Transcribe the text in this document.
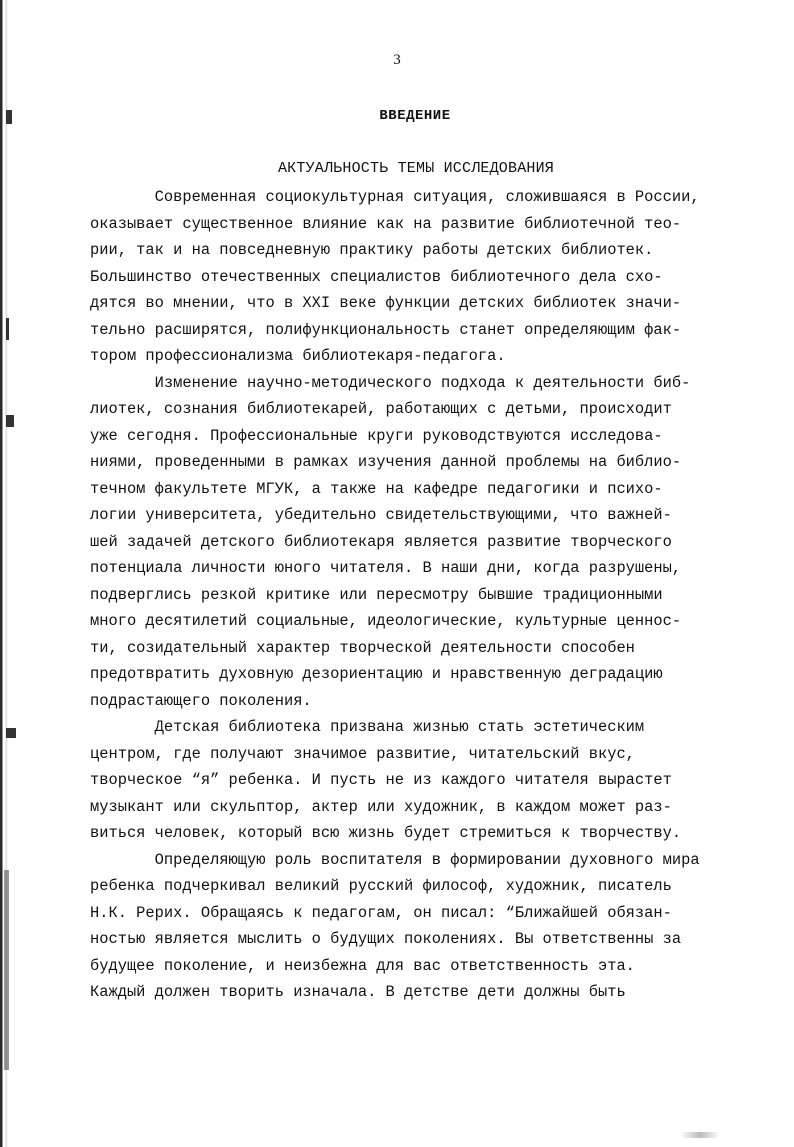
3
ВВЕДЕНИЕ
АКТУАЛЬНОСТЬ ТЕМЫ ИССЛЕДОВАНИЯ

Современная социокультурная ситуация, сложившаяся в России,

оказывает существенное влияние как на развитие библиотечной тео-

рии, так и на повседневную практику работы детских библиотек.

Большинство отечественных специалистов библиотечного дела схо-

дятся во мнении, что в XXI веке функции детских библиотек значи-

тельно расширятся, полифункциональность станет определяющим фак-

тором профессионализма библиотекаря-педагога.

Изменение научно-методического подхода к деятельности биб-

лиотек, сознания библиотекарей, работающих с детьми, происходит

уже сегодня. Профессиональные круги руководствуются исследова-

ниями, проведенными в рамках изучения данной проблемы на библио-

течном факультете МГУК, а также на кафедре педагогики и психо-

логии университета, убедительно свидетельствующими, что важней-

шей задачей детского библиотекаря является развитие творческого

потенциала личности юного читателя. В наши дни, когда разрушены,

подверглись резкой критике или пересмотру бывшие традиционными

много десятилетий социальные, идеологические, культурные ценнос-

ти, созидательный характер творческой деятельности способен

предотвратить духовную дезориентацию и нравственную деградацию

подрастающего поколения.

Детская библиотека призвана жизнью стать эстетическим

центром, где получают значимое развитие, читательский вкус,

творческое “я” ребенка. И пусть не из каждого читателя вырастет

музыкант или скульптор, актер или художник, в каждом может раз-

виться человек, который всю жизнь будет стремиться к творчеству.

Определяющую роль воспитателя в формировании духовного мира

ребенка подчеркивал великий русский философ, художник, писатель

Н.К. Рерих. Обращаясь к педагогам, он писал: “Ближайшей обязан-

ностью является мыслить о будущих поколениях. Вы ответственны за

будущее поколение, и неизбежна для вас ответственность эта.

Каждый должен творить изначала. В детстве дети должны быть
